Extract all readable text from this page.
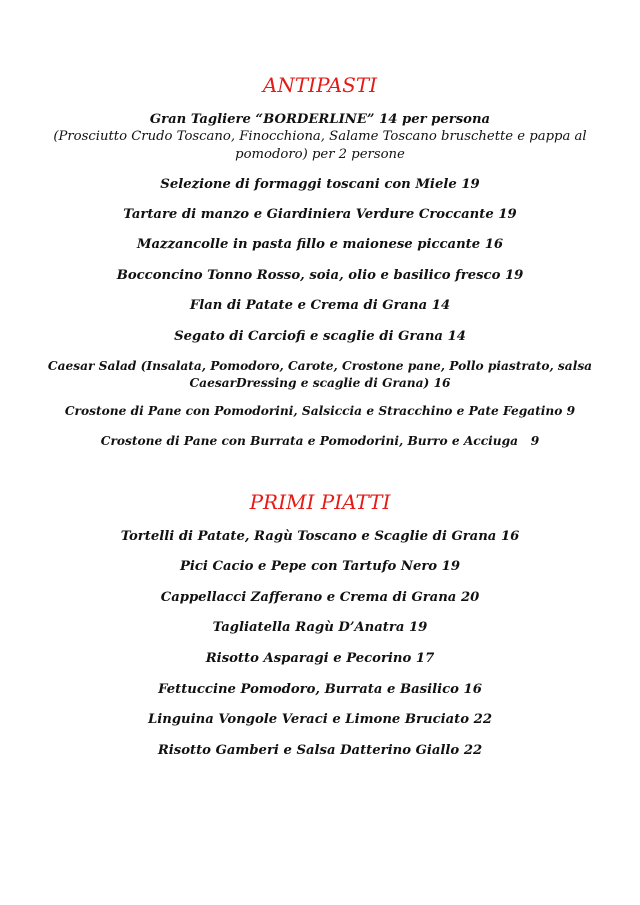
ANTIPASTI
Gran Tagliere “BORDERLINE” 14 per persona
(Prosciutto Crudo Toscano, Finocchiona, Salame Toscano bruschette e pappa al
pomodoro) per 2 persone
Selezione di formaggi toscani con Miele 19
Tartare di manzo e Giardiniera Verdure Croccante 19
Mazzancolle in pasta fillo e maionese piccante 16
Bocconcino Tonno Rosso, soia, olio e basilico fresco 19
Flan di Patate e Crema di Grana 14
Segato di Carciofi e scaglie di Grana 14
Caesar Salad (Insalata, Pomodoro, Carote, Crostone pane, Pollo piastrato, salsa
CaesarDressing e scaglie di Grana) 16
Crostone di Pane con Pomodorini, Salsiccia e Stracchino e Pate Fegatino 9
Crostone di Pane con Burrata e Pomodorini, Burro e Acciuga   9
PRIMI PIATTI
Tortelli di Patate, Ragù Toscano e Scaglie di Grana 16
Pici Cacio e Pepe con Tartufo Nero 19
Cappellacci Zafferano e Crema di Grana 20
Tagliatella Ragù D’Anatra 19
Risotto Asparagi e Pecorino 17
Fettuccine Pomodoro, Burrata e Basilico 16
Linguina Vongole Veraci e Limone Bruciato 22
Risotto Gamberi e Salsa Datterino Giallo 22
